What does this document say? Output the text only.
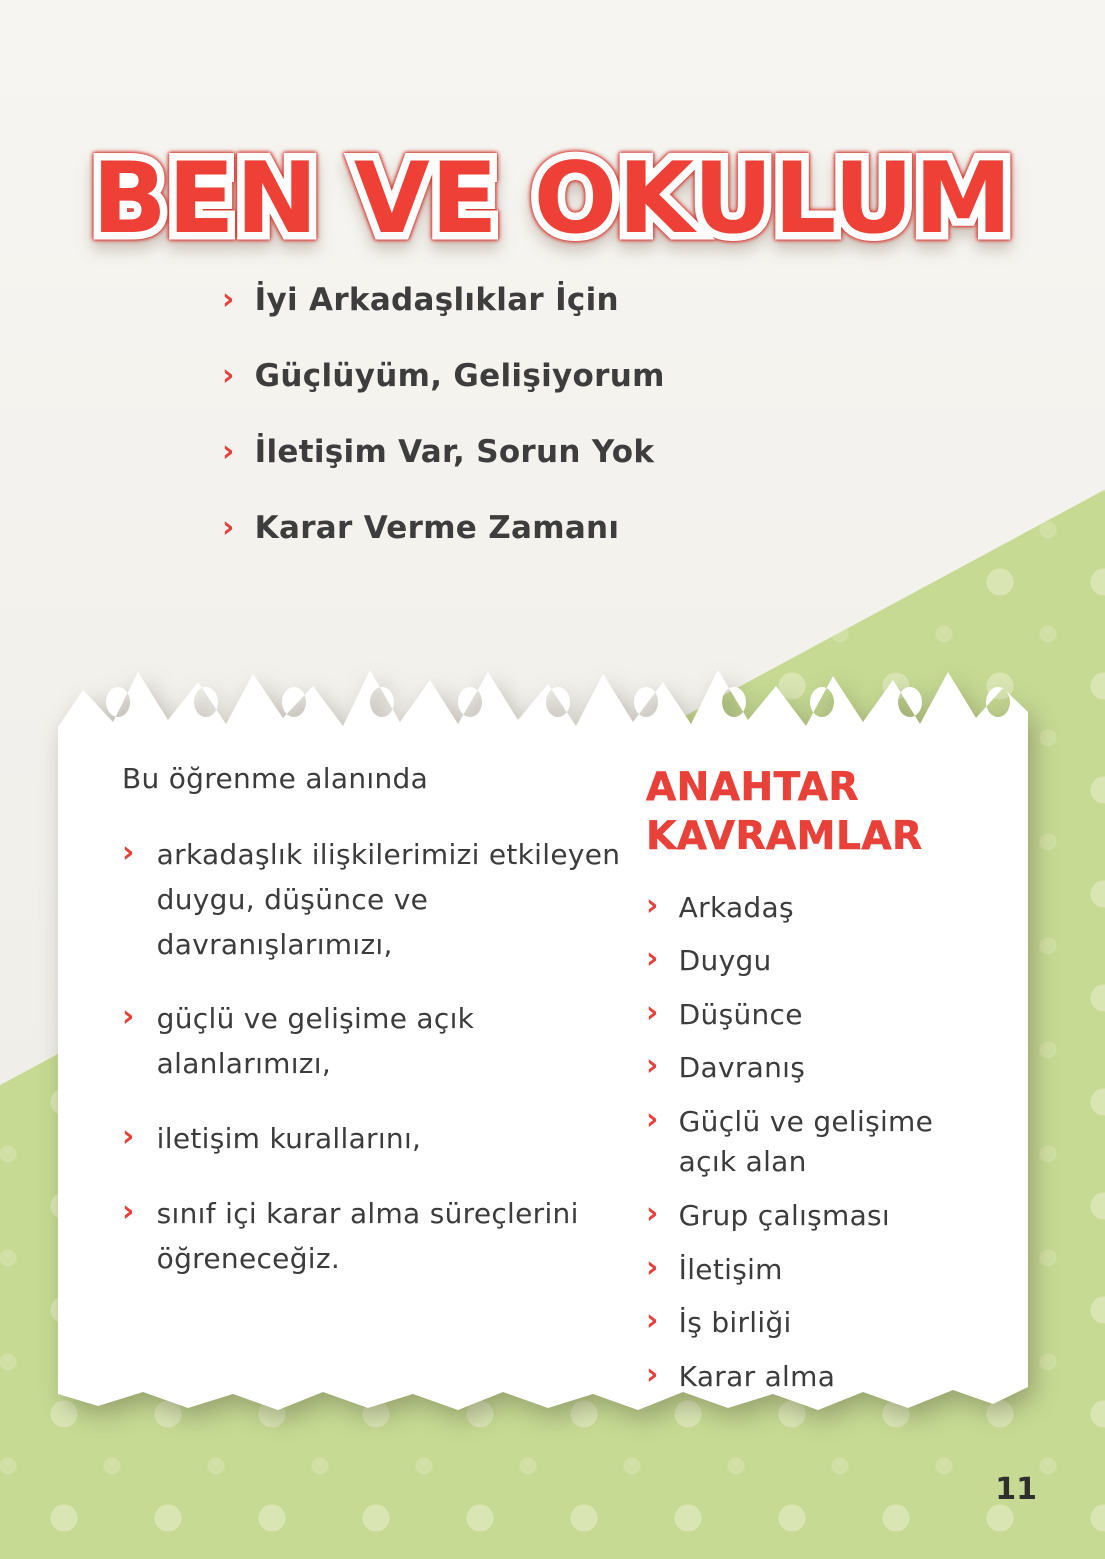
BEN VE OKULUM
› İyi Arkadaşlıklar İçin
› Güçlüyüm, Gelişiyorum
› İletişim Var, Sorun Yok
› Karar Verme Zamanı

Bu öğrenme alanında

› arkadaşlık ilişkilerimizi etkileyen duygu, düşünce ve davranışlarımızı,
› güçlü ve gelişime açık alanlarımızı,
› iletişim kurallarını,
› sınıf içi karar alma süreçlerini öğreneceğiz.
ANAHTAR KAVRAMLAR
› Arkadaş
› Duygu
› Düşünce
› Davranış
› Güçlü ve gelişime açık alan
› Grup çalışması
› İletişim
› İş birliği
› Karar alma
11
